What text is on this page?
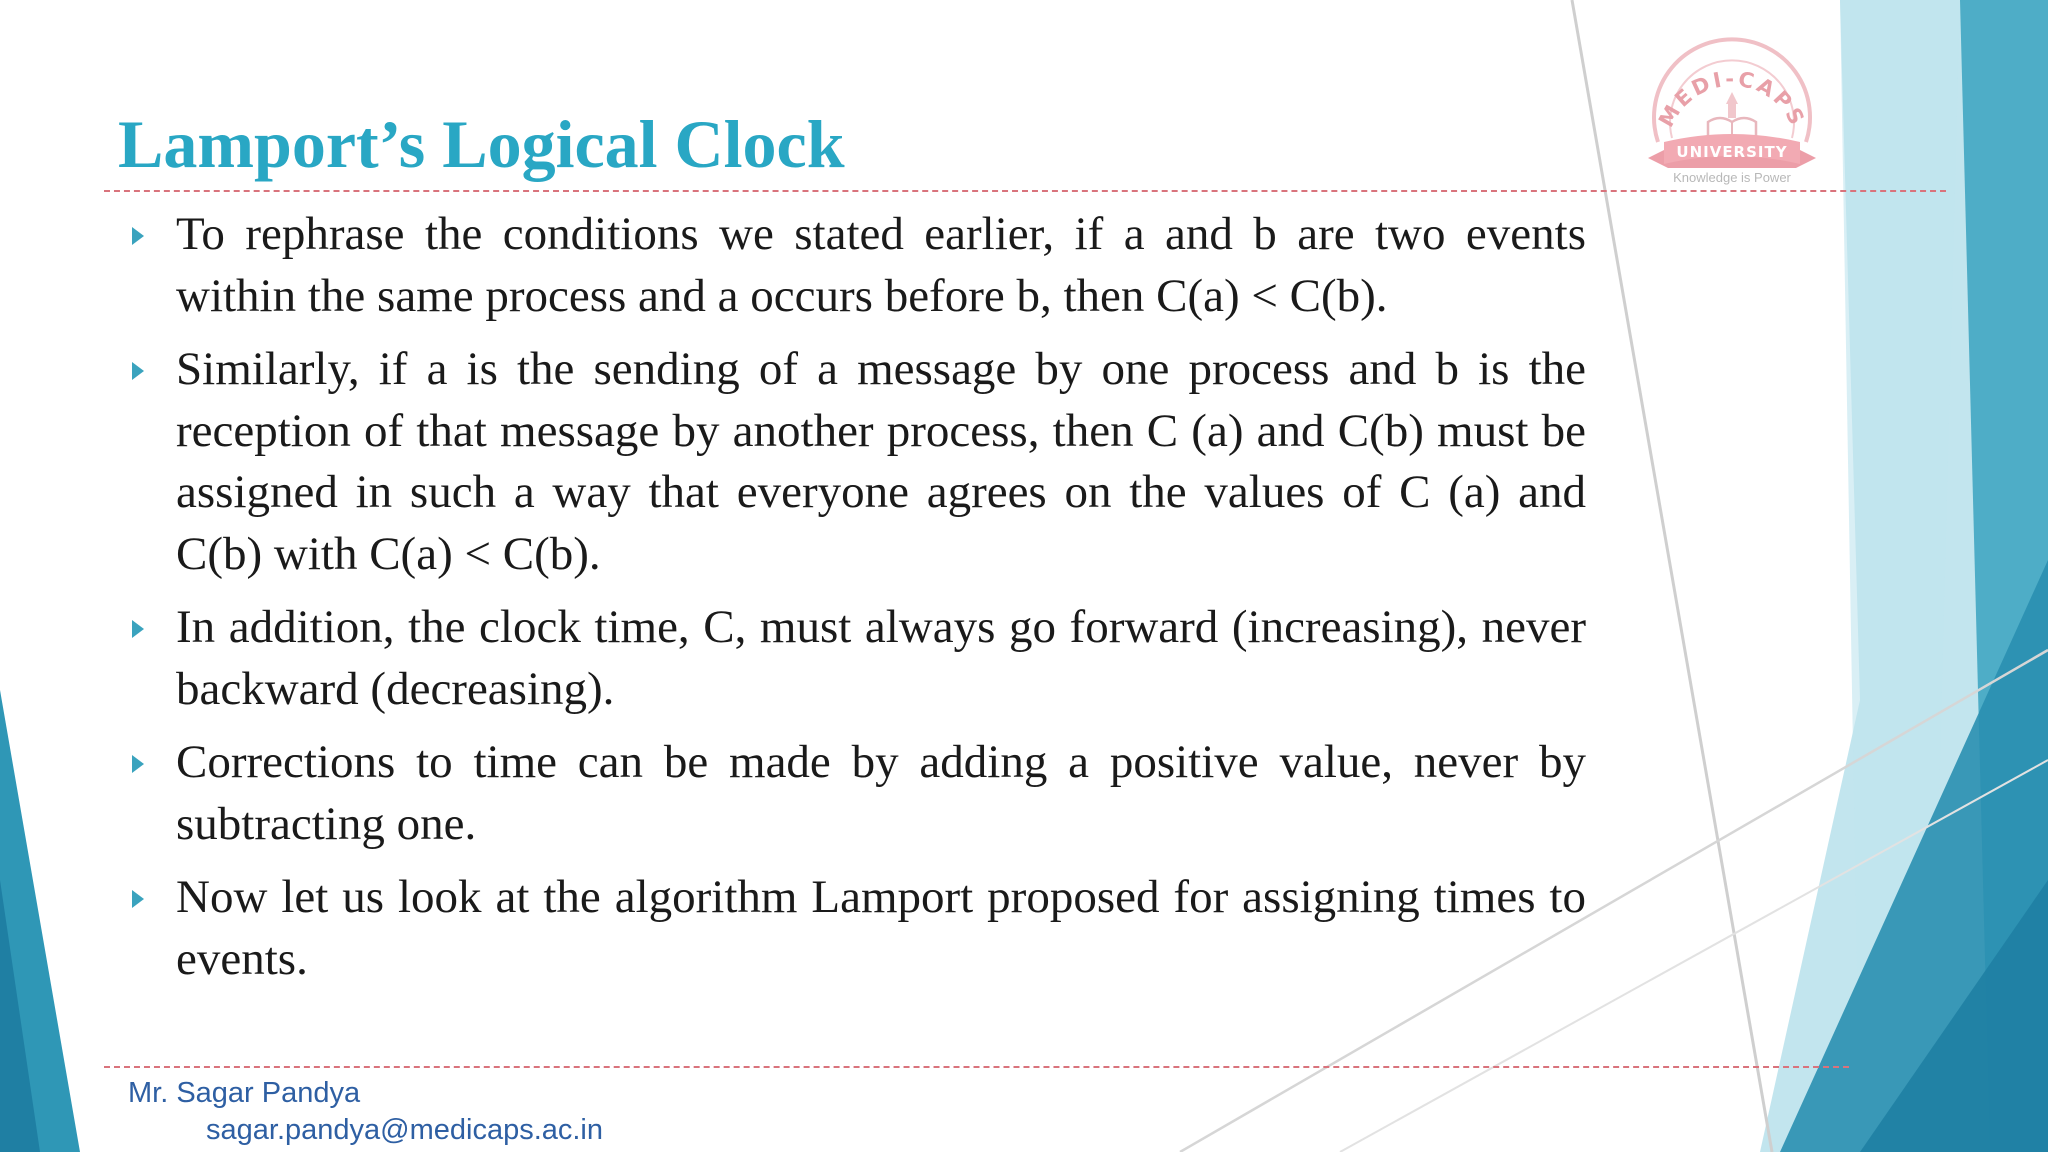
MEDI-CAPS
UNIVERSITY
Knowledge is Power
Lamport’s Logical Clock
To rephrase the conditions we stated earlier, if a and b are two events within the same process and a occurs before b, then C(a) < C(b).
Similarly, if a is the sending of a message by one process and b is the reception of that message by another process, then C (a) and C(b) must be assigned in such a way that everyone agrees on the values of C (a) and C(b) with C(a) < C(b).
In addition, the clock time, C, must always go forward (increasing), never backward (decreasing).
Corrections to time can be made by adding a positive value, never by subtracting one.
Now let us look at the algorithm Lamport proposed for assigning times to events.
Mr. Sagar Pandya
sagar.pandya@medicaps.ac.in
